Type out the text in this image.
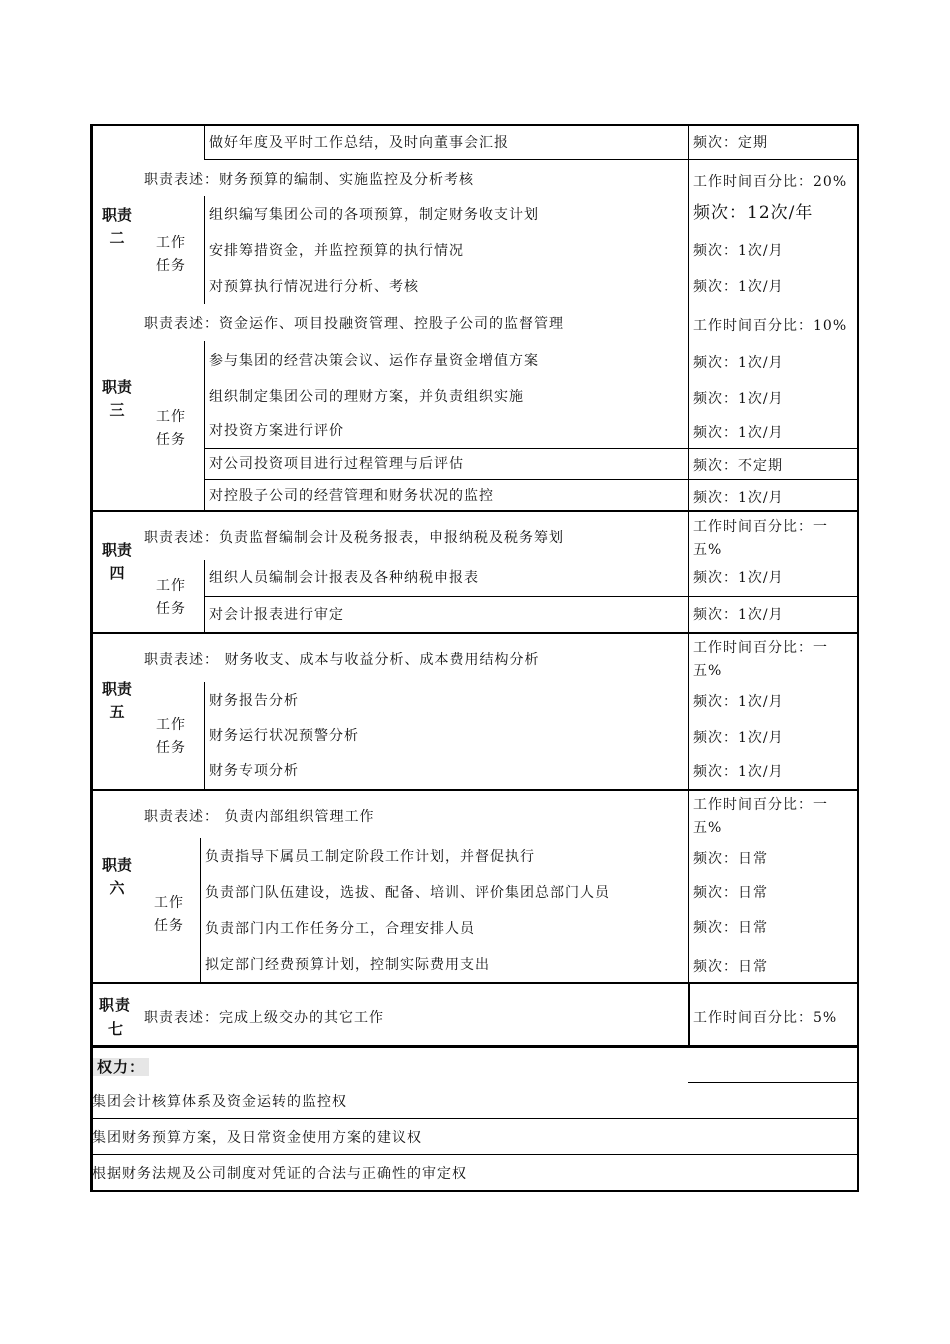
做好年度及平时工作总结，及时向董事会汇报	频次：定期
职责二
职责表述：财务预算的编制、实施监控及分析考核	工作时间百分比：20%
工作任务
组织编写集团公司的各项预算，制定财务收支计划	频次：12次/年
安排筹措资金，并监控预算的执行情况	频次：1次/月
对预算执行情况进行分析、考核	频次：1次/月
职责三
职责表述：资金运作、项目投融资管理、控股子公司的监督管理	工作时间百分比：10%
工作任务
参与集团的经营决策会议、运作存量资金增值方案	频次：1次/月
组织制定集团公司的理财方案，并负责组织实施	频次：1次/月
对投资方案进行评价	频次：1次/月
对公司投资项目进行过程管理与后评估	频次：不定期
对控股子公司的经营管理和财务状况的监控	频次：1次/月
职责四
职责表述：负责监督编制会计及税务报表，申报纳税及税务筹划
工作时间百分比：一五%
工作任务
组织人员编制会计报表及各种纳税申报表	频次：1次/月
对会计报表进行审定	频次：1次/月
职责五
职责表述： 财务收支、成本与收益分析、成本费用结构分析
工作时间百分比：一五%
工作任务
财务报告分析	频次：1次/月
财务运行状况预警分析	频次：1次/月
财务专项分析	频次：1次/月
职责六
职责表述： 负责内部组织管理工作
工作时间百分比：一五%
工作任务
负责指导下属员工制定阶段工作计划，并督促执行	频次：日常
负责部门队伍建设，选拔、配备、培训、评价集团总部门人员	频次：日常
负责部门内工作任务分工，合理安排人员	频次：日常
拟定部门经费预算计划，控制实际费用支出	频次：日常
职责
七
职责表述：完成上级交办的其它工作	工作时间百分比：5%
权力：
集团会计核算体系及资金运转的监控权
集团财务预算方案，及日常资金使用方案的建议权
根据财务法规及公司制度对凭证的合法与正确性的审定权
